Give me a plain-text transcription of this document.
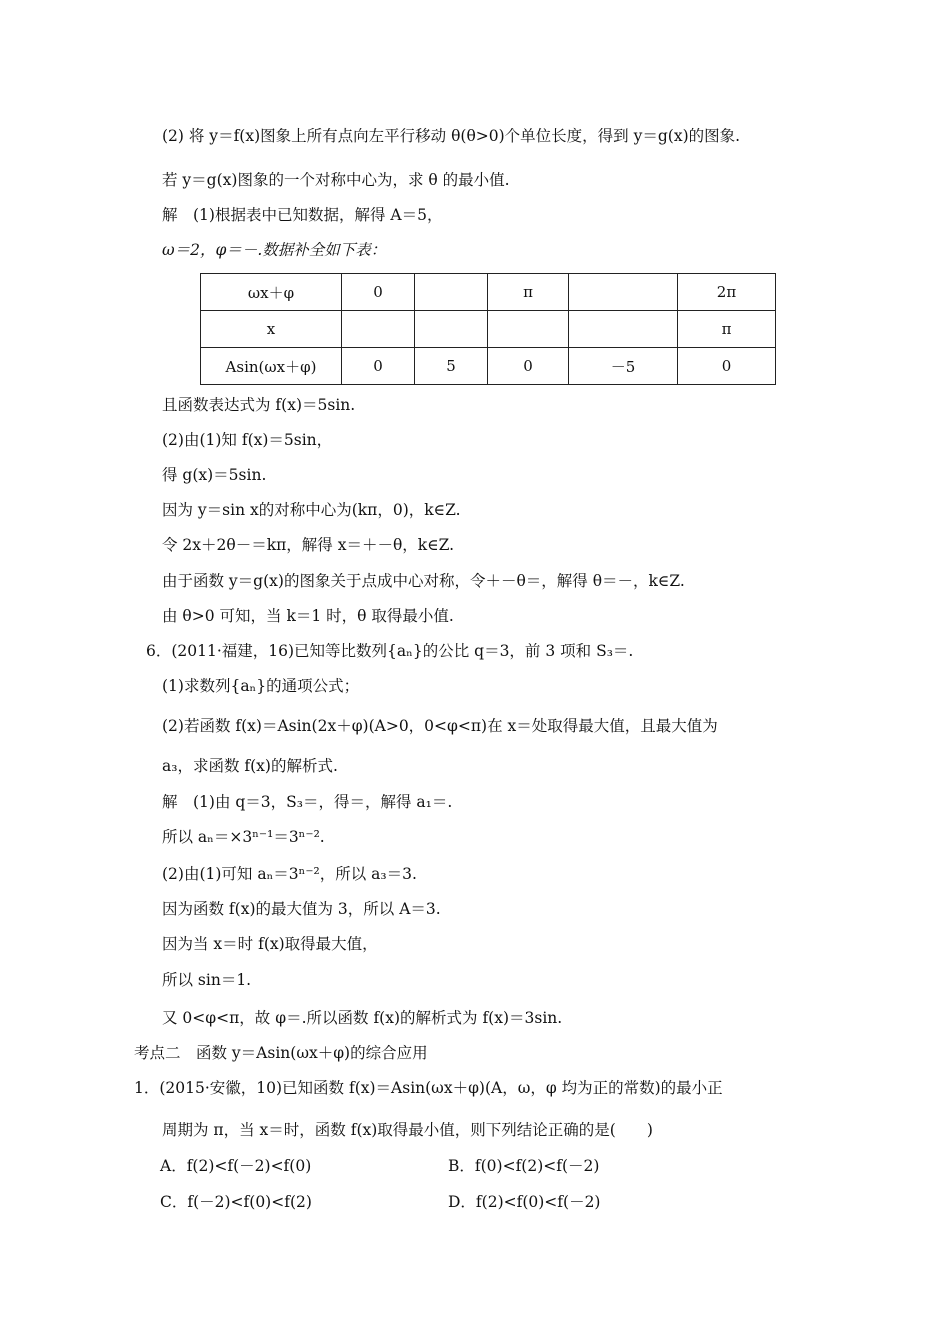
(2) 将 y＝f(x)图象上所有点向左平行移动 θ(θ>0)个单位长度，得到 y＝g(x)的图象.
若 y＝g(x)图象的一个对称中心为，求 θ 的最小值.
解　(1)根据表中已知数据，解得 A＝5，
ω＝2，φ＝－.数据补全如下表：
ωx＋φ	0		π		2π
x					π
Asin(ωx＋φ)	0	5	0	－5	0
且函数表达式为 f(x)＝5sin.
(2)由(1)知 f(x)＝5sin，
得 g(x)＝5sin.
因为 y＝sin x的对称中心为(kπ，0)，k∈Z.
令 2x＋2θ－＝kπ，解得 x＝＋－θ，k∈Z.
由于函数 y＝g(x)的图象关于点成中心对称，令＋－θ＝，解得 θ＝－，k∈Z.
由 θ>0 可知，当 k＝1 时，θ 取得最小值.
6．(2011·福建，16)已知等比数列{aₙ}的公比 q＝3，前 3 项和 S₃＝.
(1)求数列{aₙ}的通项公式；
(2)若函数 f(x)＝Asin(2x＋φ)(A>0，0<φ<π)在 x＝处取得最大值，且最大值为
a₃，求函数 f(x)的解析式.
解　(1)由 q＝3，S₃＝，得＝，解得 a₁＝.
所以 aₙ＝×3ⁿ⁻¹＝3ⁿ⁻².
(2)由(1)可知 aₙ＝3ⁿ⁻²，所以 a₃＝3.
因为函数 f(x)的最大值为 3，所以 A＝3.
因为当 x＝时 f(x)取得最大值，
所以 sin＝1.
又 0<φ<π，故 φ＝.所以函数 f(x)的解析式为 f(x)＝3sin.
考点二　函数 y＝Asin(ωx＋φ)的综合应用
1．(2015·安徽，10)已知函数 f(x)＝Asin(ωx＋φ)(A，ω，φ 均为正的常数)的最小正
周期为 π，当 x＝时，函数 f(x)取得最小值，则下列结论正确的是(　　)
A．f(2)<f(－2)<f(0)	B．f(0)<f(2)<f(－2)
C．f(－2)<f(0)<f(2)	D．f(2)<f(0)<f(－2)
